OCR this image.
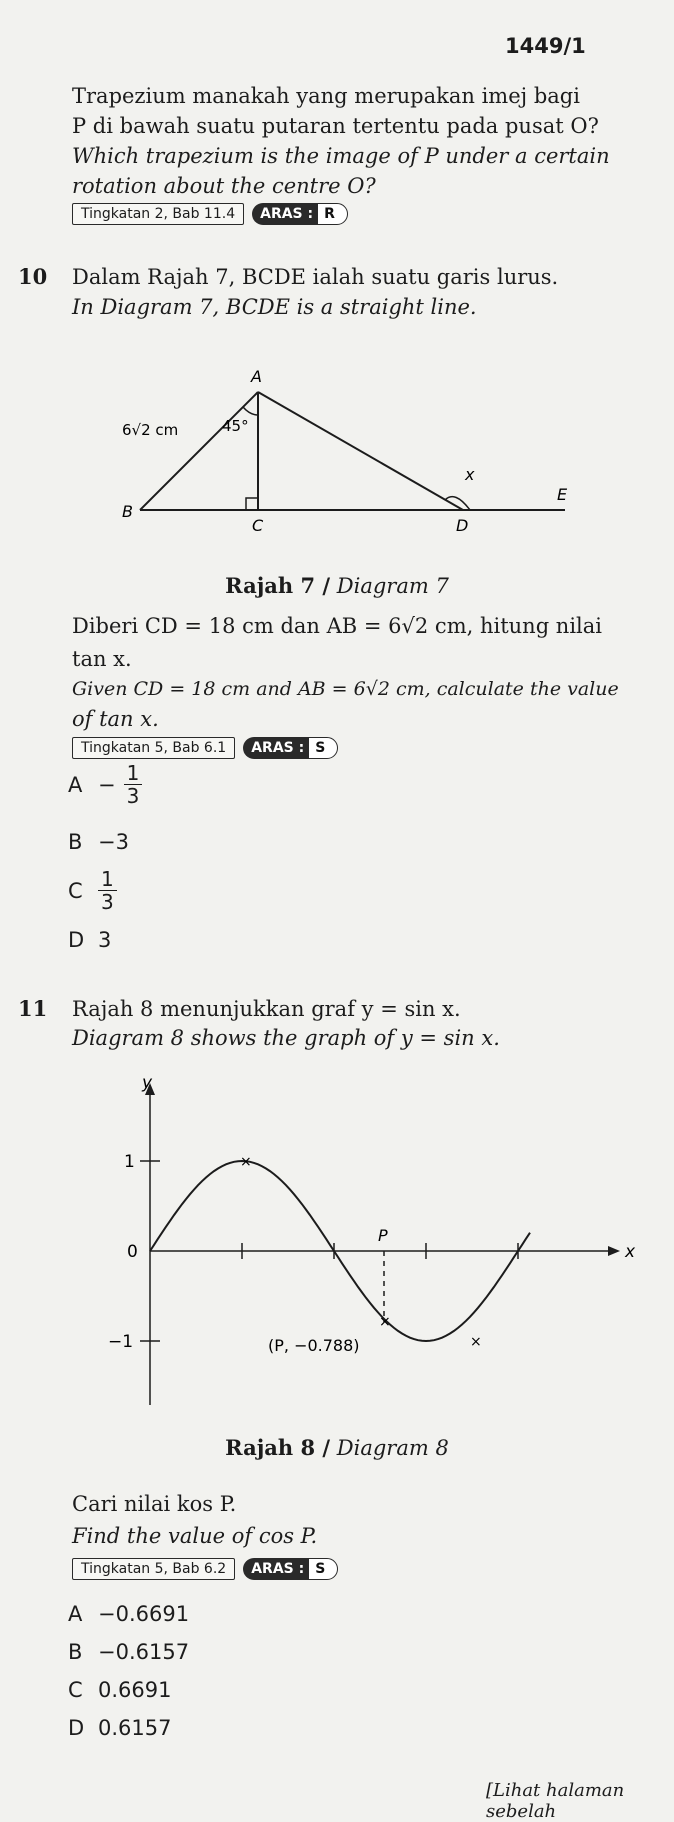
1449/1
Trapezium manakah yang merupakan imej bagi
P di bawah suatu putaran tertentu pada pusat O?
Which trapezium is the image of P under a certain
rotation about the centre O?
Tingkatan 2, Bab 11.4	ARAS : R
10 Dalam Rajah 7, BCDE ialah suatu garis lurus.
In Diagram 7, BCDE is a straight line.
A
B
C	D
E
x
6√2 cm	45°
Rajah 7 / Diagram 7
Diberi CD = 18 cm dan AB = 6√2 cm, hitung nilai
tan x.
Given CD = 18 cm and AB = 6√2 cm, calculate the value
of tan x.
Tingkatan 5, Bab 6.1	ARAS : S
$A - \frac{1}{3}$
B −3
C $\frac{1}{3}$
D 3
11 Rajah 8 menunjukkan graf y = sin x.
Diagram 8 shows the graph of y = sin x.
×
×
×
y
x
1
0
−1
P
(P, −0.788)
Rajah 8 / Diagram 8
Cari nilai kos P.
Find the value of cos P.
Tingkatan 5, Bab 6.2	ARAS : S
A −0.6691
B −0.6157
C 0.6691
D 0.6157
[Lihat halaman sebelah
